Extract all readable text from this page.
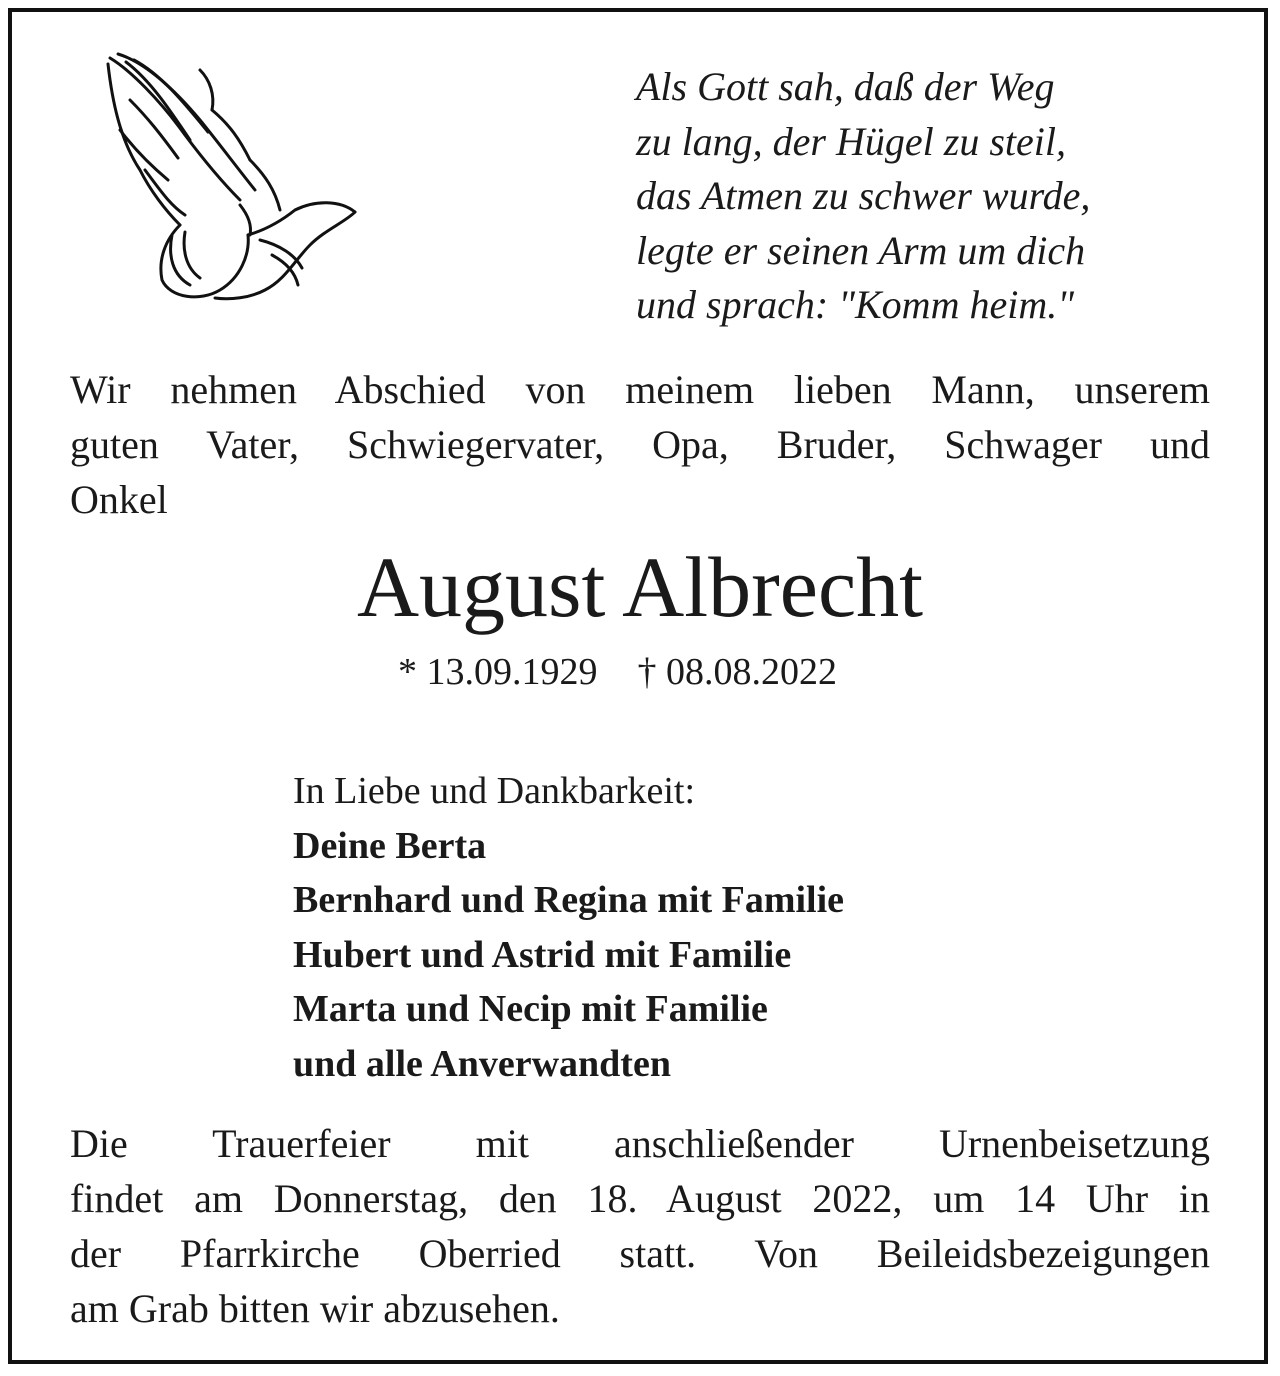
Als Gott sah, daß der Weg
zu lang, der Hügel zu steil,
das Atmen zu schwer wurde,
legte er seinen Arm um dich
und sprach: "Komm heim."
Wir nehmen Abschied von meinem lieben Mann, unserem
guten Vater, Schwiegervater, Opa, Bruder, Schwager und
Onkel
August Albrecht
* 13.09.1929 † 08.08.2022
In Liebe und Dankbarkeit:
Deine Berta
Bernhard und Regina mit Familie
Hubert und Astrid mit Familie
Marta und Necip mit Familie
und alle Anverwandten
Die Trauerfeier mit anschließender Urnenbeisetzung
findet am Donnerstag, den 18. August 2022, um 14 Uhr in
der Pfarrkirche Oberried statt. Von Beileidsbezeigungen
am Grab bitten wir abzusehen.
